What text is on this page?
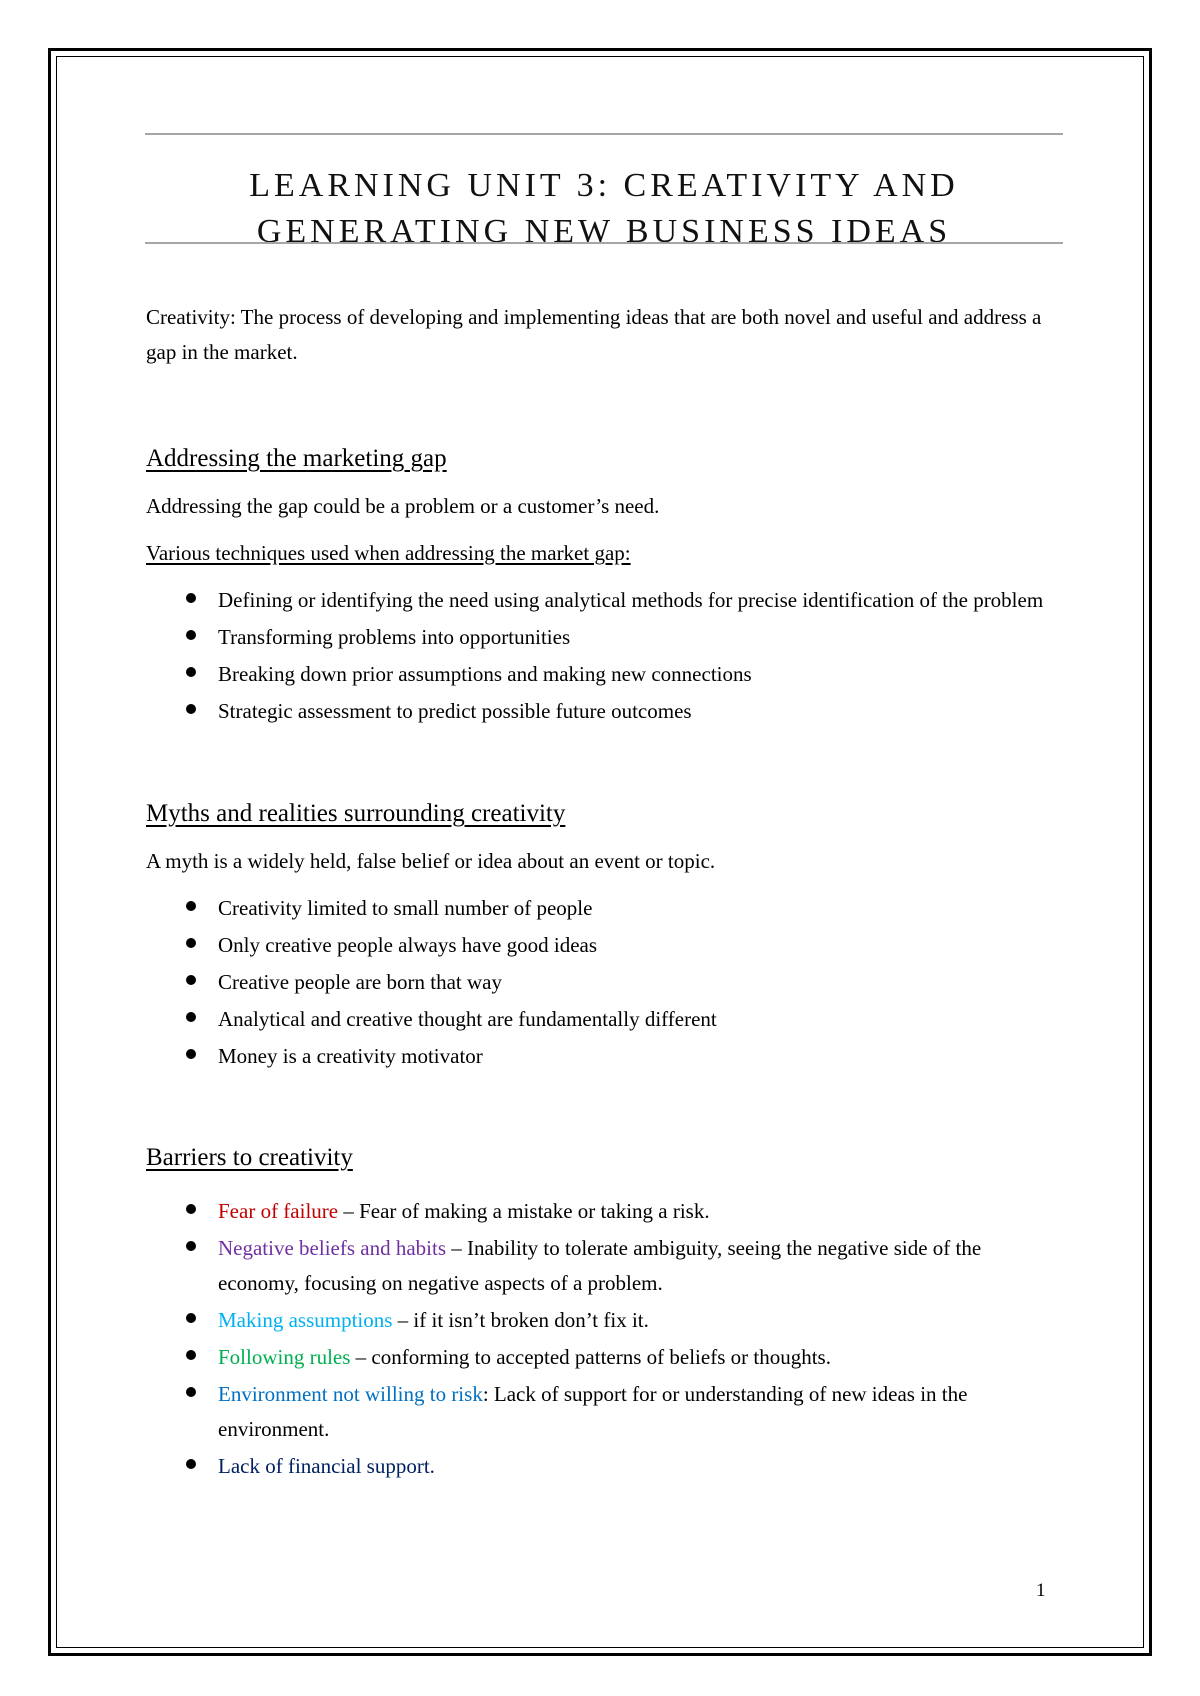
LEARNING UNIT 3: CREATIVITY AND
GENERATING NEW BUSINESS IDEAS

Creativity: The process of developing and implementing ideas that are both novel and useful and address a gap in the market.

Addressing the marketing gap

Addressing the gap could be a problem or a customer’s need.

Various techniques used when addressing the market gap:

Defining or identifying the need using analytical methods for precise identification of the problem
Transforming problems into opportunities
Breaking down prior assumptions and making new connections
Strategic assessment to predict possible future outcomes
Myths and realities surrounding creativity

A myth is a widely held, false belief or idea about an event or topic.

Creativity limited to small number of people
Only creative people always have good ideas
Creative people are born that way
Analytical and creative thought are fundamentally different
Money is a creativity motivator
Barriers to creativity
Fear of failure – Fear of making a mistake or taking a risk.
Negative beliefs and habits – Inability to tolerate ambiguity, seeing the negative side of the economy, focusing on negative aspects of a problem.
Making assumptions – if it isn’t broken don’t fix it.
Following rules – conforming to accepted patterns of beliefs or thoughts.
Environment not willing to risk: Lack of support for or understanding of new ideas in the environment.
Lack of financial support.
1
